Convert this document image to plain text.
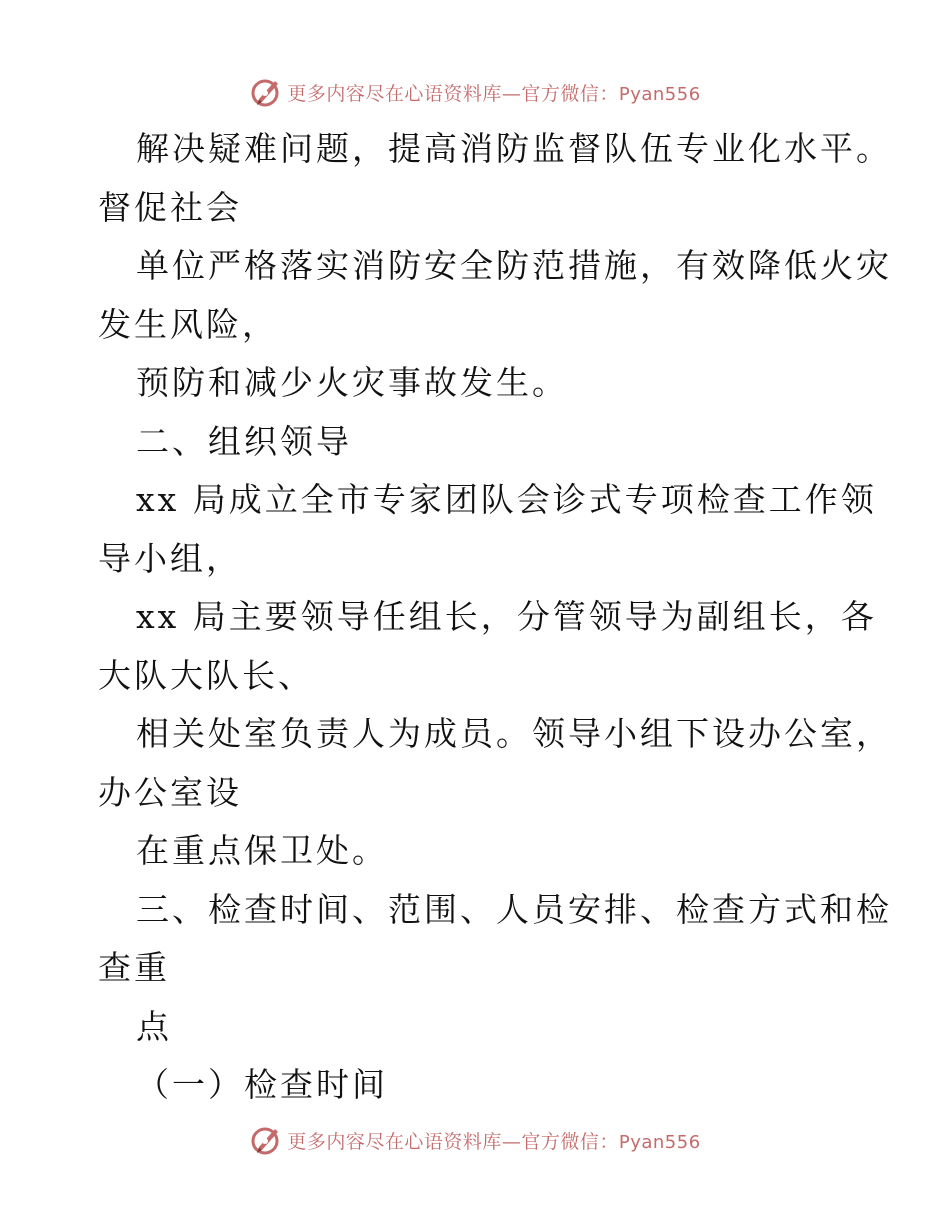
更多内容尽在心语资料库—官方微信：Pyan556
解决疑难问题，提高消防监督队伍专业化水平。
督促社会
单位严格落实消防安全防范措施，有效降低火灾
发生风险，
预防和减少火灾事故发生。
二、组织领导
xx 局成立全市专家团队会诊式专项检查工作领
导小组，
xx 局主要领导任组长，分管领导为副组长，各
大队大队长、
相关处室负责人为成员。领导小组下设办公室，
办公室设
在重点保卫处。
三、检查时间、范围、人员安排、检查方式和检
查重
点
（一）检查时间
更多内容尽在心语资料库—官方微信：Pyan556
